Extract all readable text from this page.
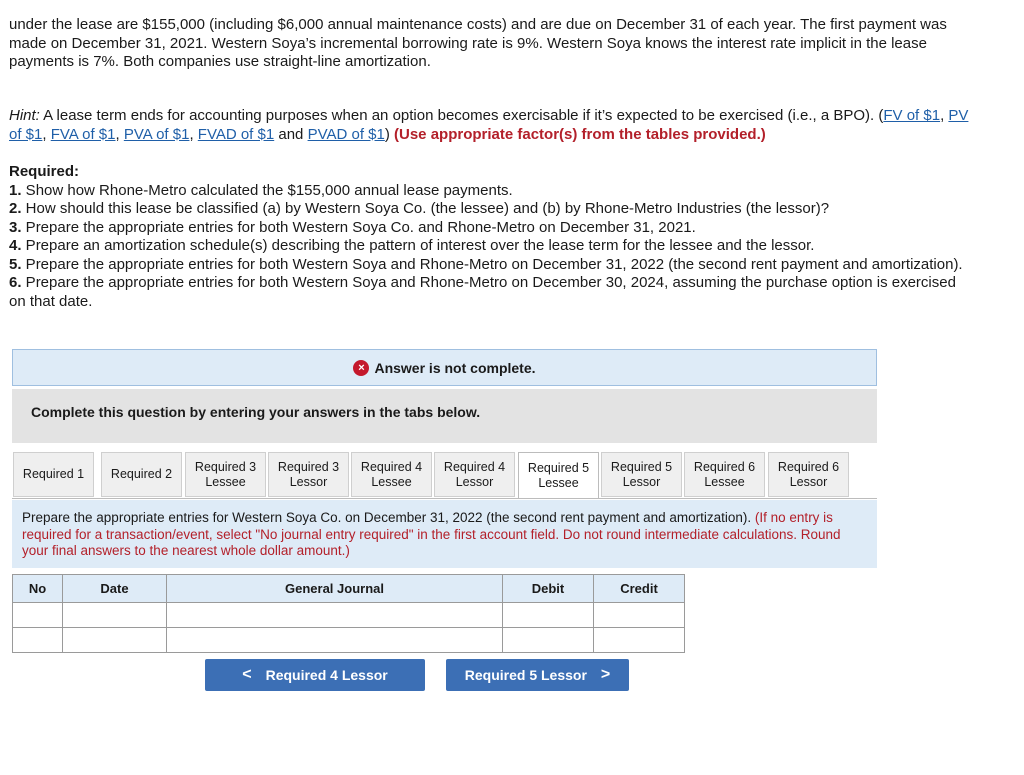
under the lease are $155,000 (including $6,000 annual maintenance costs) and are due on December 31 of each year. The first payment was made on December 31, 2021. Western Soya’s incremental borrowing rate is 9%. Western Soya knows the interest rate implicit in the lease payments is 7%. Both companies use straight-line amortization.

Hint: A lease term ends for accounting purposes when an option becomes exercisable if it’s expected to be exercised (i.e., a BPO). (FV of $1, PV of $1, FVA of $1, PVA of $1, FVAD of $1 and PVAD of $1) (Use appropriate factor(s) from the tables provided.)

Required:
1. Show how Rhone-Metro calculated the $155,000 annual lease payments.
2. How should this lease be classified (a) by Western Soya Co. (the lessee) and (b) by Rhone-Metro Industries (the lessor)?
3. Prepare the appropriate entries for both Western Soya Co. and Rhone-Metro on December 31, 2021.
4. Prepare an amortization schedule(s) describing the pattern of interest over the lease term for the lessee and the lessor.
5. Prepare the appropriate entries for both Western Soya and Rhone-Metro on December 31, 2022 (the second rent payment and amortization).
6. Prepare the appropriate entries for both Western Soya and Rhone-Metro on December 30, 2024, assuming the purchase option is exercised on that date.
× Answer is not complete.
Complete this question by entering your answers in the tabs below.
Required 1 Required 2
Required 3
Lessee
Required 3
Lessor
Required 4
Lessee
Required 4
Lessor
Required 5
Lessee
Required 5
Lessor
Required 6
Lessee
Required 6
Lessor
Prepare the appropriate entries for Western Soya Co. on December 31, 2022 (the second rent payment and amortization). (If no entry is required for a transaction/event, select "No journal entry required" in the first account field. Do not round intermediate calculations. Round your final answers to the nearest whole dollar amount.)
No	Date	General Journal	Debit	Credit

< Required 4 Lessor	Required 5 Lessor >
